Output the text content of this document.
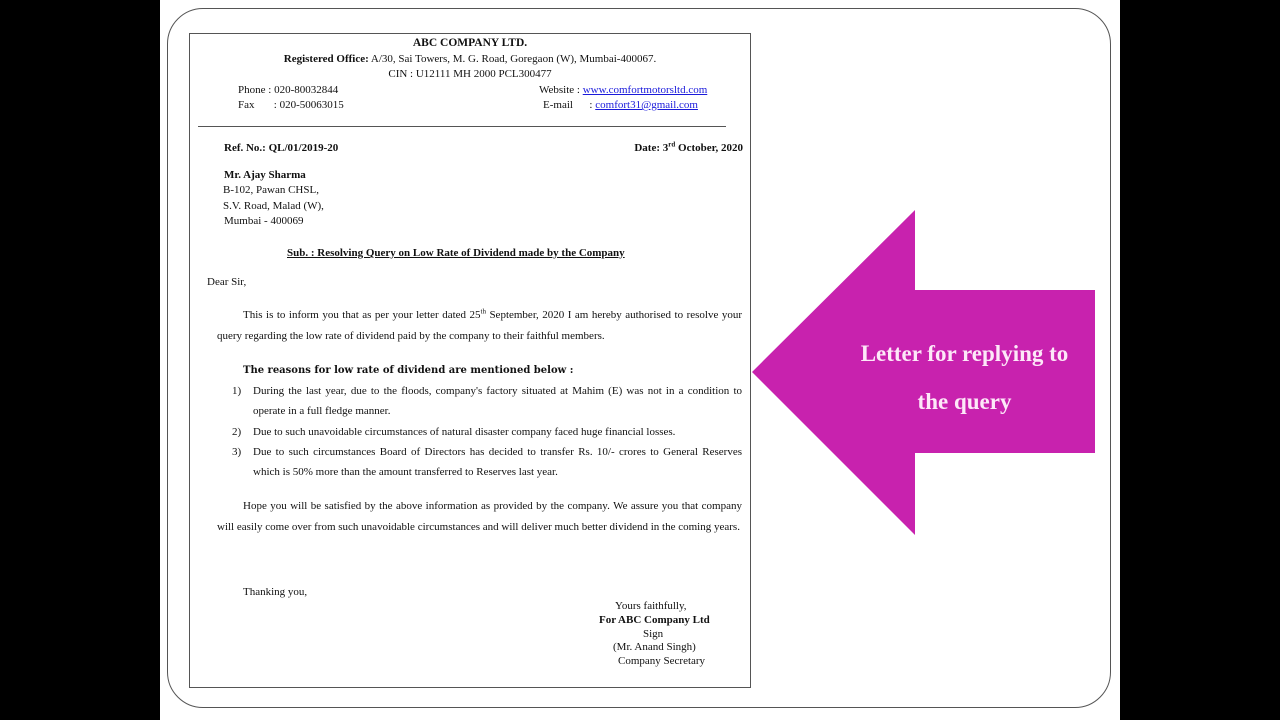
ABC COMPANY LTD.
Registered Office: A/30, Sai Towers, M. G. Road, Goregaon (W), Mumbai-400067.
CIN : U12111 MH 2000 PCL300477
Phone : 020-80032844
Fax       : 020-50063015
Website : www.comfortmotorsltd.com
E-mail      : comfort31@gmail.com
Ref. No.: QL/01/2019-20	Date: 3rd October, 2020
Mr. Ajay Sharma
B-102, Pawan CHSL,
S.V. Road, Malad (W),
Mumbai - 400069
Sub. : Resolving Query on Low Rate of Dividend made by the Company
Dear Sir,
This is to inform you that as per your letter dated 25th September, 2020 I am hereby authorised to resolve your query regarding the low rate of dividend paid by the company to their faithful members.
The reasons for low rate of dividend are mentioned below :
1) During the last year, due to the floods, company's factory situated at Mahim (E) was not in a condition to operate in a full fledge manner.
2) Due to such unavoidable circumstances of natural disaster company faced huge financial losses.
3) Due to such circumstances Board of Directors has decided to transfer Rs. 10/- crores to General Reserves which is 50% more than the amount transferred to Reserves last year.
Hope you will be satisfied by the above information as provided by the company. We assure you that company will easily come over from such unavoidable circumstances and will deliver much better dividend in the coming years.
Thanking you,
Yours faithfully,
For ABC Company Ltd
Sign
(Mr. Anand Singh)
Company Secretary
Letter for replying to
the query
